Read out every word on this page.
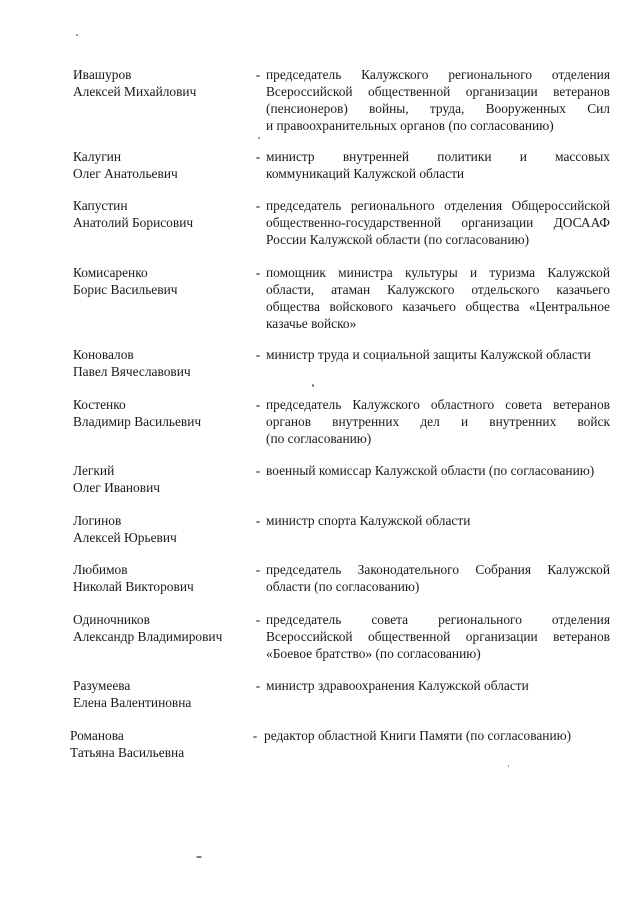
Ивашуров
Алексей Михайлович
- председатель Калужского регионального отделения
Всероссийской общественной организации ветеранов
(пенсионеров) войны, труда, Вооруженных Сил
и правоохранительных органов (по согласованию)
Калугин
Олег Анатольевич
- министр внутренней политики и массовых
коммуникаций Калужской области
Капустин
Анатолий Борисович
- председатель регионального отделения Общероссийской
общественно-государственной организации ДОСААФ
России Калужской области (по согласованию)
Комисаренко
Борис Васильевич
- помощник министра культуры и туризма Калужской
области, атаман Калужского отдельского казачьего
общества войскового казачьего общества «Центральное
казачье войско»
Коновалов
Павел Вячеславович
- министр труда и социальной защиты Калужской области
Костенко
Владимир Васильевич
- председатель Калужского областного совета ветеранов
органов внутренних дел и внутренних войск
(по согласованию)
Легкий
Олег Иванович
- военный комиссар Калужской области (по согласованию)
Логинов
Алексей Юрьевич
- министр спорта Калужской области
Любимов
Николай Викторович
- председатель Законодательного Собрания Калужской
области (по согласованию)
Одиночников
Александр Владимирович
- председатель совета регионального отделения
Всероссийской общественной организации ветеранов
«Боевое братство» (по согласованию)
Разумеева
Елена Валентиновна
- министр здравоохранения Калужской области
Романова
Татьяна Васильевна
- редактор областной Книги Памяти (по согласованию)
